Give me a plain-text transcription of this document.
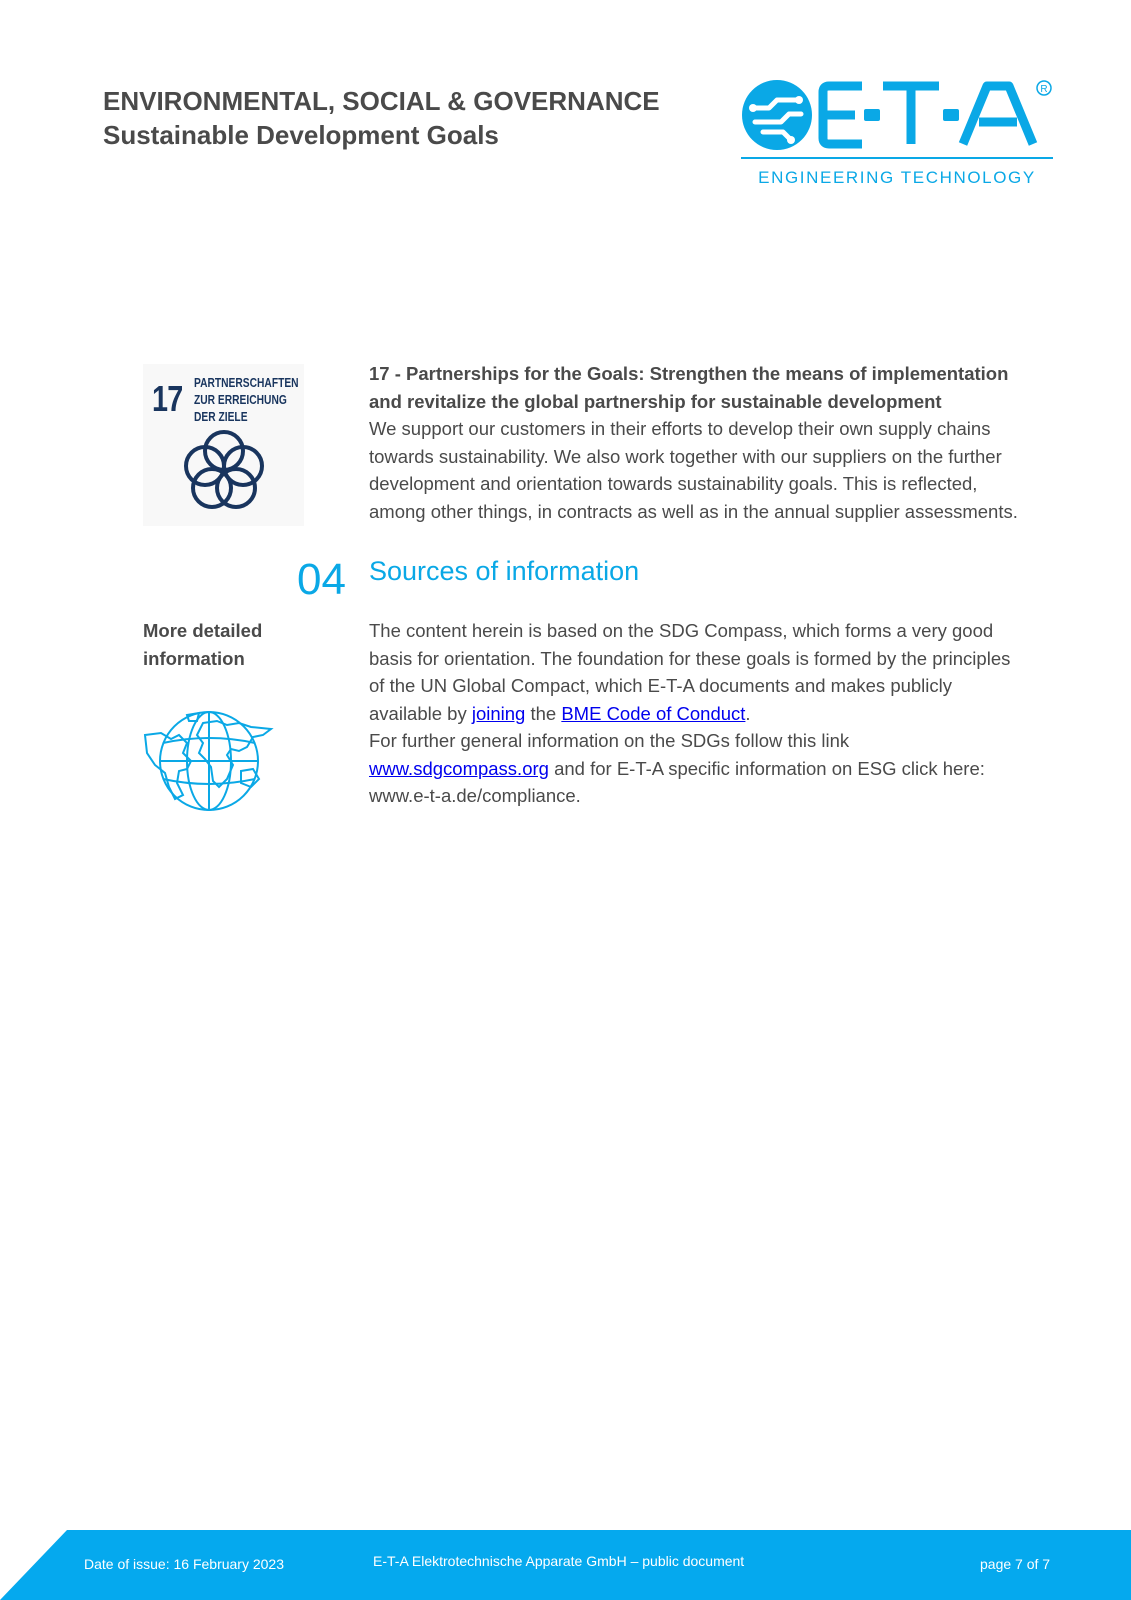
ENVIRONMENTAL, SOCIAL & GOVERNANCE
Sustainable Development Goals
R
ENGINEERING TECHNOLOGY
17 PARTNERSCHAFTEN
ZUR ERREICHUNG
DER ZIELE
17 - Partnerships for the Goals: Strengthen the means of implementation
and revitalize the global partnership for sustainable development
We support our customers in their efforts to develop their own supply chains
towards sustainability. We also work together with our suppliers on the further
development and orientation towards sustainability goals. This is reflected,
among other things, in contracts as well as in the annual supplier assessments.
04 Sources of information
More detailed
information
The content herein is based on the SDG Compass, which forms a very good
basis for orientation. The foundation for these goals is formed by the principles
of the UN Global Compact, which E-T-A documents and makes publicly
available by joining the BME Code of Conduct.
For further general information on the SDGs follow this link
www.sdgcompass.org and for E-T-A specific information on ESG click here:
www.e-t-a.de/compliance.
Date of issue: 16 February 2023	E-T-A Elektrotechnische Apparate GmbH – public document	page 7 of 7
